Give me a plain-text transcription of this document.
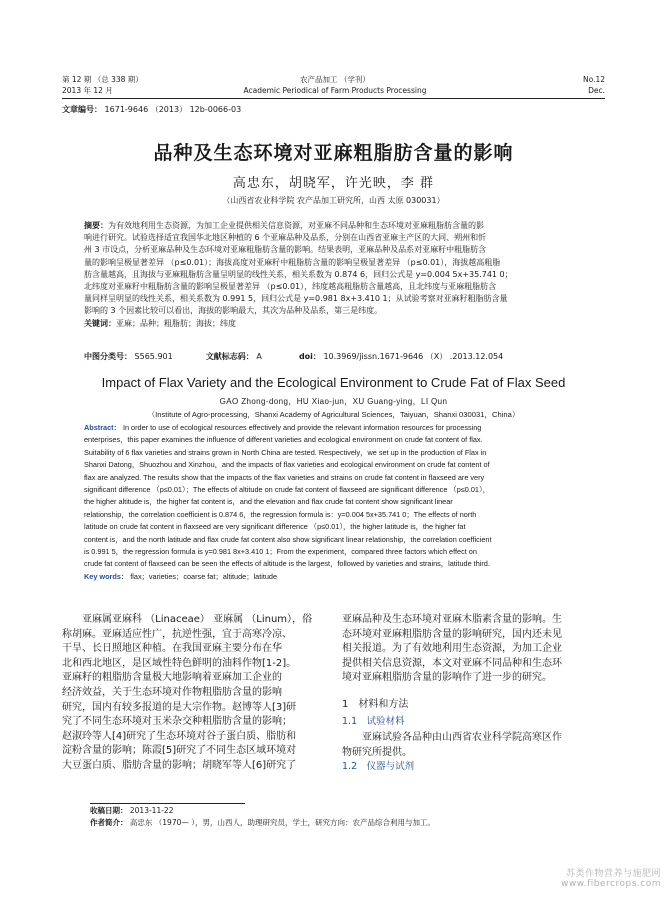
第 12 期 （总 338 期）
2013 年 12 月
农产品加工 （学刊）
Academic Periodical of Farm Products Processing
No.12
Dec.
文章编号： 1671-9646 （2013） 12b-0066-03
品种及生态环境对亚麻粗脂肪含量的影响
高忠东，胡晓军，许光映，李 群
（山西省农业科学院 农产品加工研究所，山西 太原 030031）
摘要：为有效地利用生态资源，为加工企业提供相关信息资源，对亚麻不同品种和生态环境对亚麻粗脂肪含量的影
响进行研究。试验选择适宜我国华北地区种植的 6 个亚麻品种及品系，分别在山西省亚麻主产区的大同、朔州和忻
州 3 市设点，分析亚麻品种及生态环境对亚麻粗脂肪含量的影响。结果表明，亚麻品种及品系对亚麻籽中粗脂肪含
量的影响呈极显著差异 （p≤0.01）；海拔高度对亚麻籽中粗脂肪含量的影响呈极显著差异 （p≤0.01），海拔越高粗脂
肪含量越高，且海拔与亚麻粗脂肪含量呈明显的线性关系，相关系数为 0.874 6，回归公式是 y=0.004 5x+35.741 0；
北纬度对亚麻籽中粗脂肪含量的影响呈极显著差异 （p≤0.01），纬度越高粗脂肪含量越高，且北纬度与亚麻粗脂肪含
量同样呈明显的线性关系，相关系数为 0.991 5，回归公式是 y=0.981 8x+3.410 1；从试验考察对亚麻籽粗脂肪含量
影响的 3 个因素比较可以看出，海拔的影响最大，其次为品种及品系，第三是纬度。
关键词：亚麻；品种；粗脂肪；海拔；纬度
中图分类号： S565.901	文献标志码： A	doi： 10.3969/jissn.1671-9646 （X） .2013.12.054
Impact of Flax Variety and the Ecological Environment to Crude Fat of Flax Seed
GAO Zhong-dong，HU Xiao-jun，XU Guang-ying，LI Qun
（Institute of Agro-processing，Shanxi Academy of Agricultural Sciences，Taiyuan，Shanxi 030031，China）
Abstract： In order to use of ecological resources effectively and provide the relevant information resources for processing
enterprises，this paper examines the influence of different varieties and ecological environment on crude fat content of flax.
Suitability of 6 flax varieties and strains grown in North China are tested. Respectively，we set up in the production of Flax in
Shanxi Datong，Shuozhou and Xinzhou，and the impacts of flax varieties and ecological environment on crude fat content of
flax are analyzed. The results show that the impacts of the flax varieties and strains on crude fat content in flaxseed are very
significant difference （p≤0.01）；The effects of altitude on crude fat content of flaxseed are significant difference （p≤0.01），
the higher altitude is，the higher fat content is，and the elevation and flax crude fat content show significant linear
relationship，the correlation coefficient is 0.874 6，the regression formula is：y=0.004 5x+35.741 0；The effects of north
latitude on crude fat content in flaxseed are very significant difference （p≤0.01），the higher latitude is，the higher fat
content is，and the north latitude and flax crude fat content also show significant linear relationship，the correlation coefficient
is 0.991 5，the regression formula is y=0.981 8x+3.410 1；From the experiment，compared three factors which effect on
crude fat content of flaxseed can be seen the effects of altitude is the largest，followed by varieties and strains，latitude third.
Key words： flax；varieties；coarse fat；altitude；latitude
亚麻属亚麻科 （Linaceae） 亚麻属 （Linum），俗
称胡麻。亚麻适应性广，抗逆性强，宜于高寒冷凉、
干旱、长日照地区种植。在我国亚麻主要分布在华
北和西北地区，是区域性特色鲜明的油料作物[1-2]。
亚麻籽的粗脂肪含量极大地影响着亚麻加工企业的
经济效益，关于生态环境对作物粗脂肪含量的影响
研究，国内有较多报道的是大宗作物。赵博等人[3]研
究了不同生态环境对玉米杂交种粗脂肪含量的影响；
赵淑玲等人[4]研究了生态环境对谷子蛋白质、脂肪和
淀粉含量的影响；陈霞[5]研究了不同生态区域环境对
大豆蛋白质、脂肪含量的影响；胡晓军等人[6]研究了
亚麻品种及生态环境对亚麻木脂素含量的影响。生
态环境对亚麻粗脂肪含量的影响研究，国内还未见
相关报道。为了有效地利用生态资源，为加工企业
提供相关信息资源，本文对亚麻不同品种和生态环
境对亚麻粗脂肪含量的影响作了进一步的研究。
1　材料和方法
1.1　试验材料
亚麻试验各品种由山西省农业科学院高寒区作
物研究所提供。
1.2　仪器与试剂
收稿日期： 2013-11-22
作者简介： 高忠东 （1970— ），男，山西人，助理研究员，学士，研究方向：农产品综合利用与加工。
苏类作物营养与施肥网
www.fibercrops.com
